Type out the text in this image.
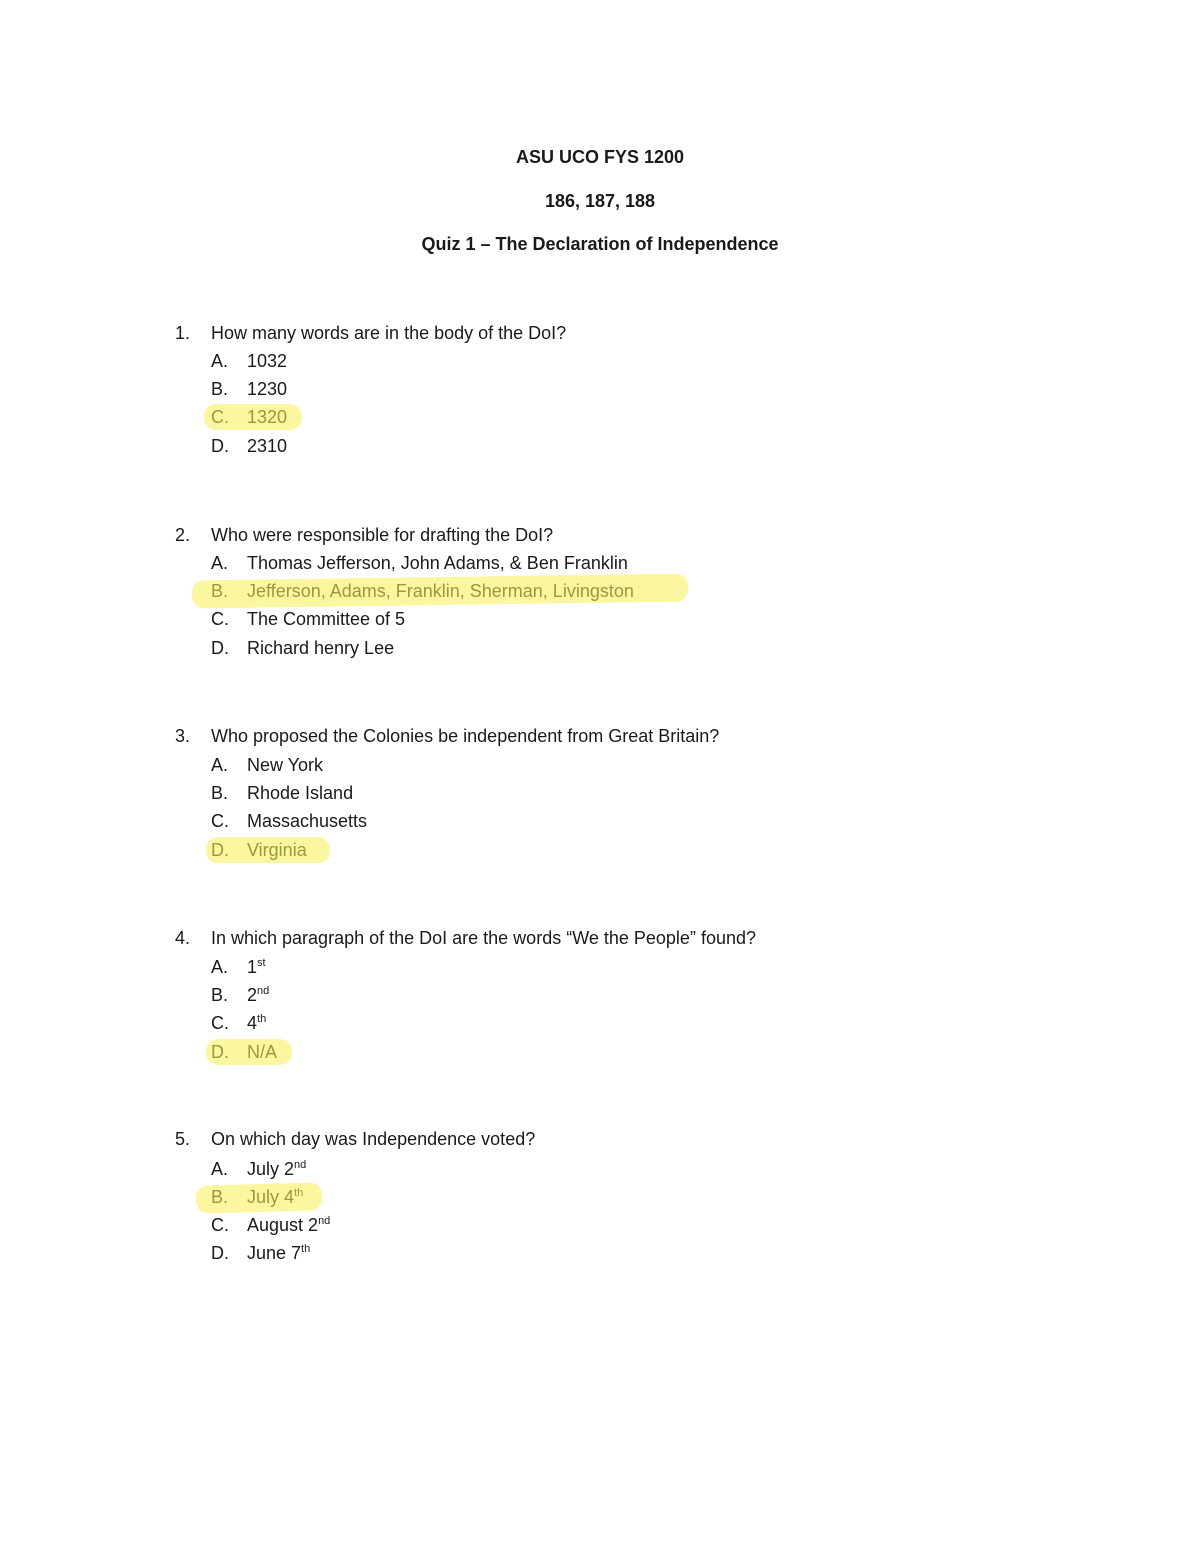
ASU UCO FYS 1200
186, 187, 188
Quiz 1 – The Declaration of Independence
1. How many words are in the body of the DoI?
A. 1032
B. 1230
C. 1320
D. 2310
2. Who were responsible for drafting the DoI?
A. Thomas Jefferson, John Adams, & Ben Franklin
B. Jefferson, Adams, Franklin, Sherman, Livingston
C. The Committee of 5
D. Richard henry Lee
3. Who proposed the Colonies be independent from Great Britain?
A. New York
B. Rhode Island
C. Massachusetts
D. Virginia
4. In which paragraph of the DoI are the words “We the People” found?
A. 1st
B. 2nd
C. 4th
D. N/A
5. On which day was Independence voted?
A. July 2nd
B. July 4th
C. August 2nd
D. June 7th
